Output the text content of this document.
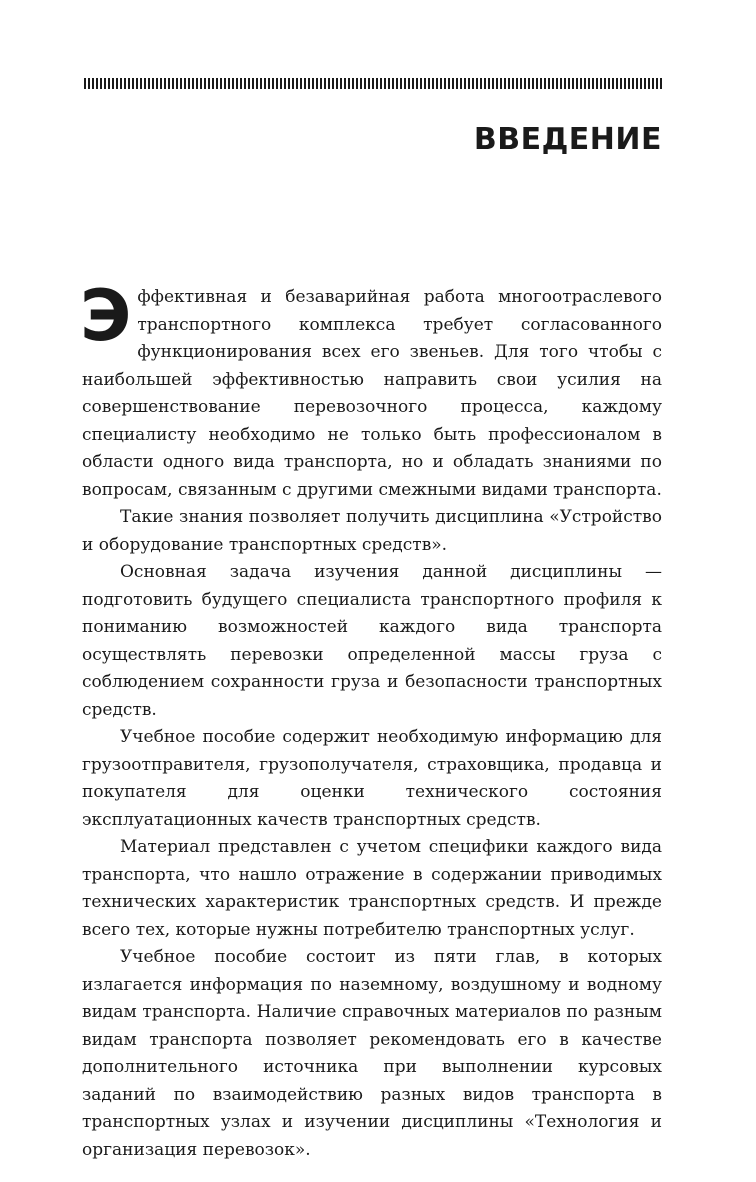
ВВЕДЕНИЕ

Эффективная и безаварийная работа многоотраслевого транспортного комплекса требует согласованного функционирования всех его звеньев. Для того чтобы с наибольшей эффективностью направить свои усилия на совершенствование перевозочного процесса, каждому специалисту необходимо не только быть профессионалом в области одного вида транспорта, но и обладать знаниями по вопросам, связанным с другими смежными видами транспорта.

Такие знания позволяет получить дисциплина «Устройство и оборудование транспортных средств».

Основная задача изучения данной дисциплины — подготовить будущего специалиста транспортного профиля к пониманию возможностей каждого вида транспорта осуществлять перевозки определенной массы груза с соблюдением сохранности груза и безопасности транспортных средств.

Учебное пособие содержит необходимую информацию для грузоотправителя, грузополучателя, страховщика, продавца и покупателя для оценки технического состояния эксплуатационных качеств транспортных средств.

Материал представлен с учетом специфики каждого вида транспорта, что нашло отражение в содержании приводимых технических характеристик транспортных средств. И прежде всего тех, которые нужны потребителю транспортных услуг.

Учебное пособие состоит из пяти глав, в которых излагается информация по наземному, воздушному и водному видам транспорта. Наличие справочных материалов по разным видам транспорта позволяет рекомендовать его в качестве дополнительного источника при выполнении курсовых заданий по взаимодействию разных видов транспорта в транспортных узлах и изучении дисциплины «Технология и организация перевозок».
